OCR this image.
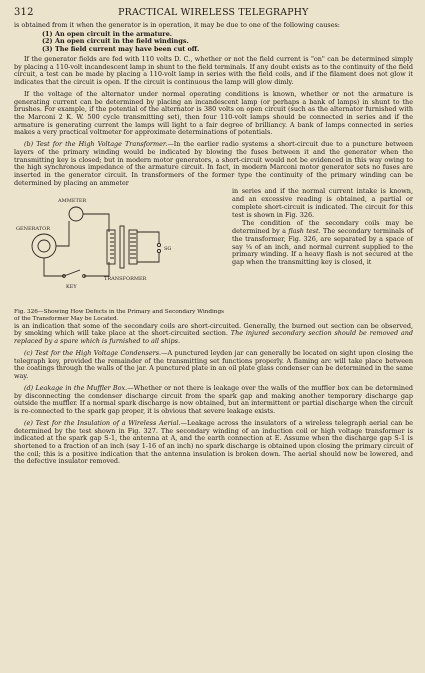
312	PRACTICAL WIRELESS TELEGRAPHY

is obtained from it when the generator is in operation, it may be due to one of the following causes:

(1) An open circuit in the armature.
(2) An open circuit in the field windings.
(3) The field current may have been cut off.

If the generator fields are fed with 110 volts D. C., whether or not the field current is "on" can be determined simply by placing a 110-volt incandescent lamp in shunt to the field terminals. If any doubt exists as to the continuity of the field circuit, a test can be made by placing a 110-volt lamp in series with the field coils, and if the filament does not glow it indicates that the circuit is open. If the circuit is continuous the lamp will glow dimly.

If the voltage of the alternator under normal operating conditions is known, whether or not the armature is generating current can be determined by placing an incandescent lamp (or perhaps a bank of lamps) in shunt to the brushes. For example, if the potential of the alternator is 380 volts on open circuit (such as the alternator furnished with the Marconi 2 K. W. 500 cycle transmitting set), then four 110-volt lamps should be connected in series and if the armature is generating current the lamps will light to a fair degree of brilliancy. A bank of lamps connected in series makes a very practical voltmeter for approximate determinations of potentials.

(b) Test for the High Voltage Transformer.—In the earlier radio systems a short-circuit due to a puncture between layers of the primary winding would be indicated by blowing the fuses between it and the generator when the transmitting key is closed; but in modern motor generators, a short-circuit would not be evidenced in this way owing to the high synchronous impedance of the armature circuit. In fact, in modern Marconi motor generator sets no fuses are inserted in the generator circuit. In transformers of the former type the continuity of the primary winding can be determined by placing an ammeter

AMMETER
GENERATOR
KEY
TRANSFORMER
SG
Fig. 326—Showing How Defects in the Primary and Secondary Windings of the Transformer May be Located.

in series and if the normal current intake is known, and an excessive reading is obtained, a partial or complete short-circuit is indicated. The circuit for this test is shown in Fig. 326.

The condition of the secondary coils may be determined by a flash test. The secondary terminals of the transformer, Fig. 326, are separated by a space of say ¼ of an inch, and normal current supplied to the primary winding. If a heavy flash is not secured at the gap when the transmitting key is closed, it

is an indication that some of the secondary coils are short-circuited. Generally, the burned out section can be observed, by smoking which will take place at the short-circuited section. The injured secondary section should be removed and replaced by a spare which is furnished to all ships.

(c) Test for the High Voltage Condensers.—A punctured leyden jar can generally be located on sight upon closing the telegraph key, provided the remainder of the transmitting set functions properly. A flaming arc will take place between the coatings through the walls of the jar. A punctured plate in an oil plate glass condenser can be determined in the same way.

(d) Leakage in the Muffler Box.—Whether or not there is leakage over the walls of the muffler box can be determined by disconnecting the condenser discharge circuit from the spark gap and making another temporary discharge gap outside the muffler. If a normal spark discharge is now obtained, but an intermittent or partial discharge when the circuit is re-connected to the spark gap proper, it is obvious that severe leakage exists.

(e) Test for the Insulation of a Wireless Aerial.—Leakage across the insulators of a wireless telegraph aerial can be determined by the test shown in Fig. 327. The secondary winding of an induction coil or high voltage transformer is indicated at the spark gap S-1, the antenna at A, and the earth connection at E. Assume when the discharge gap S-1 is shortened to a fraction of an inch (say 1-16 of an inch) no spark discharge is obtained upon closing the primary circuit of the coil; this is a positive indication that the antenna insulation is broken down. The aerial should now be lowered, and the defective insulator removed.
